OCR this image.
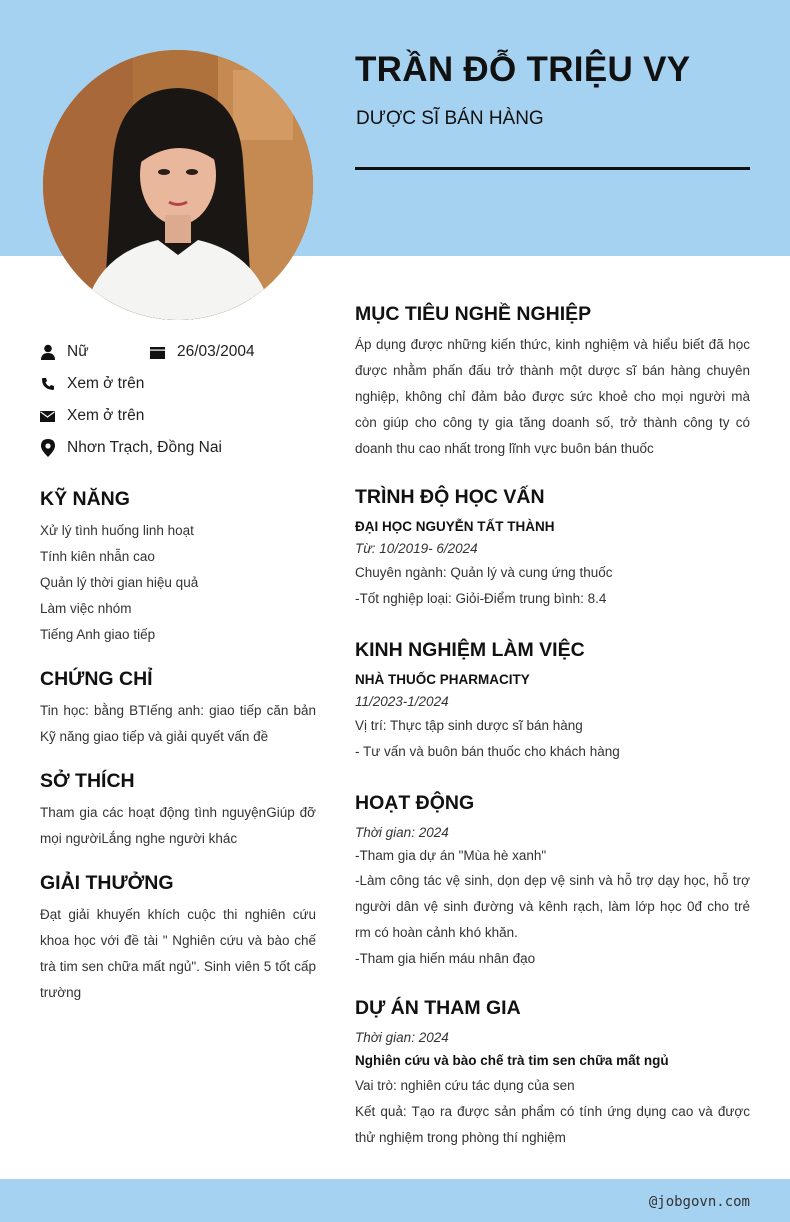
TRẦN ĐỖ TRIỆU VY
DƯỢC SĨ BÁN HÀNG
Nữ	26/03/2004
Xem ở trên
Xem ở trên
Nhơn Trạch, Đồng Nai
KỸ NĂNG
Xử lý tình huống linh hoạt
Tính kiên nhẫn cao
Quản lý thời gian hiệu quả
Làm việc nhóm
Tiếng Anh giao tiếp
CHỨNG CHỈ
Tin học: bằng BTIếng anh: giao tiếp căn bản Kỹ năng giao tiếp và giải quyết vấn đề
SỞ THÍCH
Tham gia các hoạt động tình nguyệnGiúp đỡ mọi ngườiLắng nghe người khác
GIẢI THƯỞNG
Đạt giải khuyến khích cuộc thi nghiên cứu khoa học với đề tài " Nghiên cứu và bào chế trà tim sen chữa mất ngủ". Sinh viên 5 tốt cấp trường
MỤC TIÊU NGHỀ NGHIỆP
Áp dụng được những kiến thức, kinh nghiệm và hiểu biết đã học được nhằm phấn đấu trở thành một dược sĩ bán hàng chuyên nghiệp, không chỉ đảm bảo được sức khoẻ cho mọi người mà còn giúp cho công ty gia tăng doanh số, trở thành công ty có doanh thu cao nhất trong lĩnh vực buôn bán thuốc
TRÌNH ĐỘ HỌC VẤN
ĐẠI HỌC NGUYỄN TẤT THÀNH
Từ: 10/2019- 6/2024
Chuyên ngành: Quản lý và cung ứng thuốc
-Tốt nghiệp loại: Giỏi-Điểm trung bình: 8.4
KINH NGHIỆM LÀM VIỆC
NHÀ THUỐC PHARMACITY
11/2023-1/2024
Vị trí: Thực tập sinh dược sĩ bán hàng
- Tư vấn và buôn bán thuốc cho khách hàng
HOẠT ĐỘNG
Thời gian: 2024
-Tham gia dự án "Mùa hè xanh"
-Làm công tác vệ sinh, dọn dẹp vệ sinh và hỗ trợ dạy học, hỗ trợ người dân vệ sinh đường và kênh rạch, làm lớp học 0đ cho trẻ rm có hoàn cảnh khó khăn.
-Tham gia hiến máu nhân đạo
DỰ ÁN THAM GIA
Thời gian: 2024
Nghiên cứu và bào chế trà tim sen chữa mất ngủ
Vai trò: nghiên cứu tác dụng của sen
Kết quả: Tạo ra được sản phẩm có tính ứng dụng cao và được thử nghiệm trong phòng thí nghiệm
@jobgovn.com
